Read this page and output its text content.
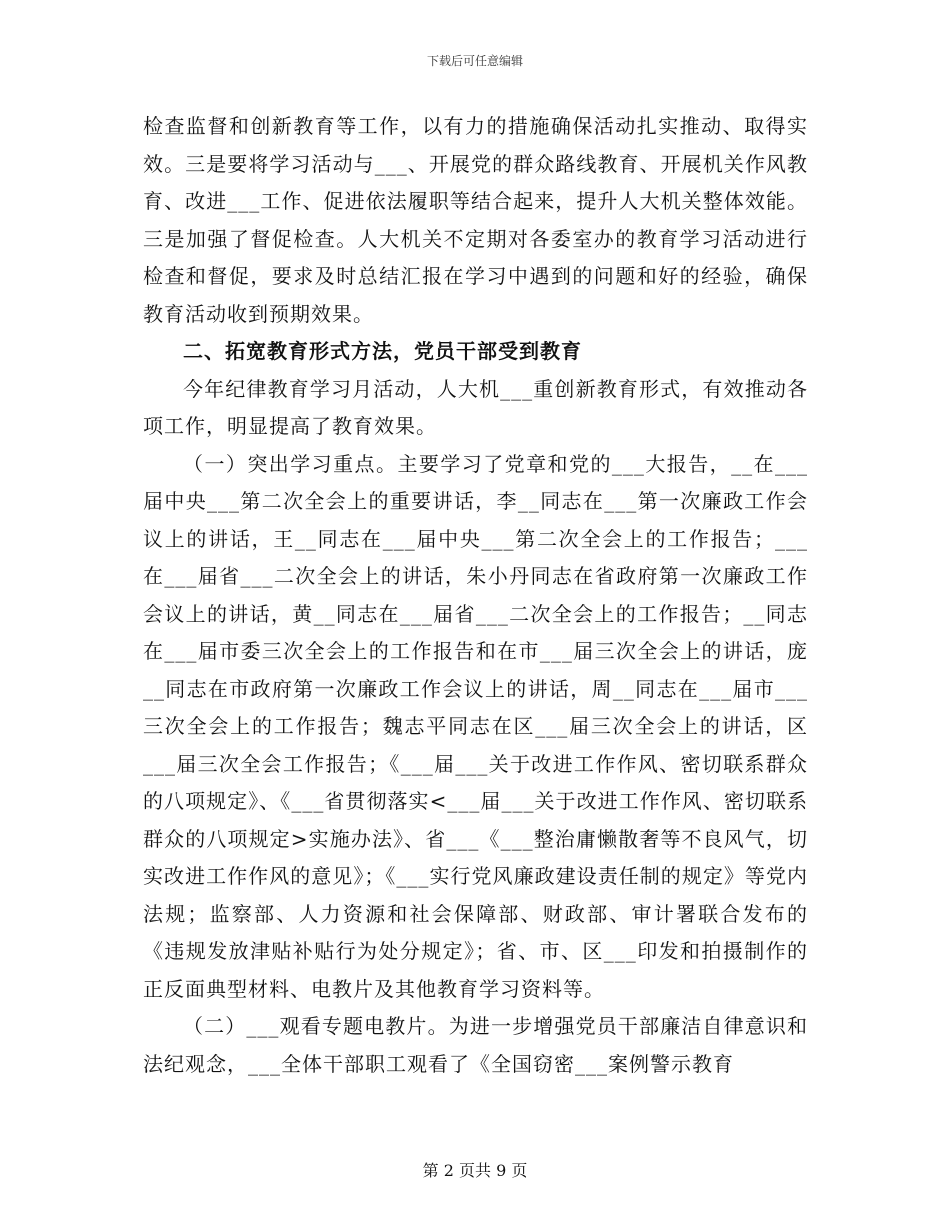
下载后可任意编辑

检查监督和创新教育等工作，以有力的措施确保活动扎实推动、取得实效。三是要将学习活动与___、开展党的群众路线教育、开展机关作风教育、改进___工作、促进依法履职等结合起来，提升人大机关整体效能。三是加强了督促检查。人大机关不定期对各委室办的教育学习活动进行检查和督促，要求及时总结汇报在学习中遇到的问题和好的经验，确保教育活动收到预期效果。

二、拓宽教育形式方法，党员干部受到教育

今年纪律教育学习月活动，人大机___重创新教育形式，有效推动各项工作，明显提高了教育效果。

（一）突出学习重点。主要学习了党章和党的___大报告，__在___届中央___第二次全会上的重要讲话，李__同志在___第一次廉政工作会议上的讲话，王__同志在___届中央___第二次全会上的工作报告；___在___届省___二次全会上的讲话，朱小丹同志在省政府第一次廉政工作会议上的讲话，黄__同志在___届省___二次全会上的工作报告；__同志在___届市委三次全会上的工作报告和在市___届三次全会上的讲话，庞__同志在市政府第一次廉政工作会议上的讲话，周__同志在___届市___三次全会上的工作报告；魏志平同志在区___届三次全会上的讲话，区___届三次全会工作报告；《___届___关于改进工作作风、密切联系群众的八项规定》、《___省贯彻落实<___届___关于改进工作作风、密切联系群众的八项规定>实施办法》、省___《___整治庸懒散奢等不良风气，切实改进工作作风的意见》；《___实行党风廉政建设责任制的规定》等党内法规；监察部、人力资源和社会保障部、财政部、审计署联合发布的《违规发放津贴补贴行为处分规定》；省、市、区___印发和拍摄制作的正反面典型材料、电教片及其他教育学习资料等。

（二）___观看专题电教片。为进一步增强党员干部廉洁自律意识和法纪观念，___全体干部职工观看了《全国窃密___案例警示教育

第 2 页共 9 页
